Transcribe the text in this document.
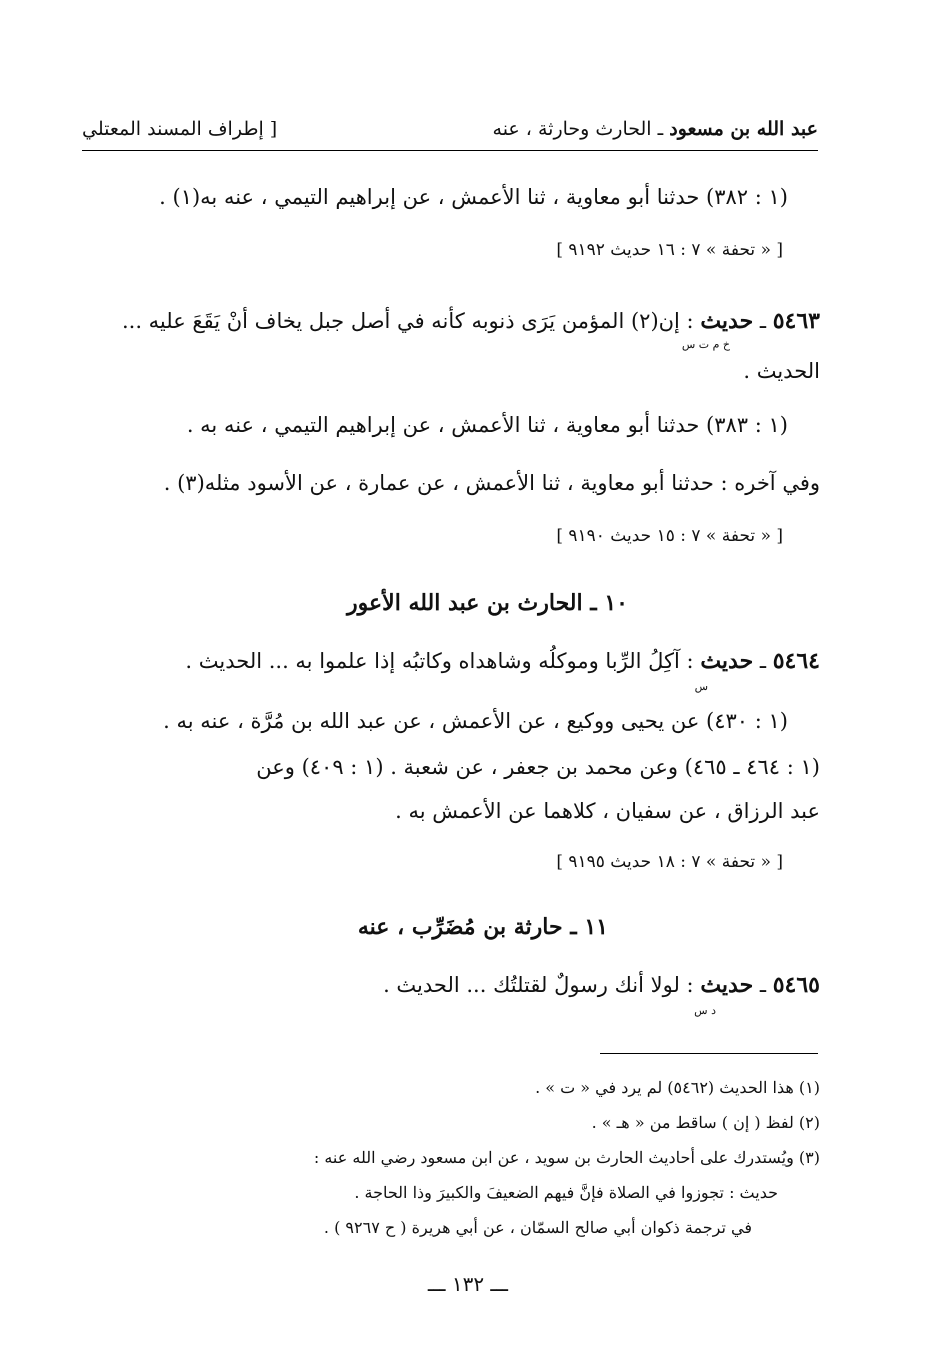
عبد الله بن مسعود ـ الحارث وحارثة ، عنه
[ إطراف المسند المعتلي
(١ : ٣٨٢) حدثنا أبو معاوية ، ثنا الأعمش ، عن إبراهيم التيمي ، عنه به(١) .
[ « تحفة » ٧ : ١٦ حديث ٩١٩٢ ]
٥٤٦٣ ـ حديث : إن(٢) المؤمن يَرَى ذنوبه كأنه في أصل جبل يخاف أنْ يَقَعَ عليه ...
خ م ت س
الحديث .
(١ : ٣٨٣) حدثنا أبو معاوية ، ثنا الأعمش ، عن إبراهيم التيمي ، عنه به .
وفي آخره : حدثنا أبو معاوية ، ثنا الأعمش ، عن عمارة ، عن الأسود مثله(٣) .
[ « تحفة » ٧ : ١٥ حديث ٩١٩٠ ]
١٠ ـ الحارث بن عبد الله الأعور
٥٤٦٤ ـ حديث : آكِلُ الرِّبا وموكلُه وشاهداه وكاتبُه إذا علموا به ... الحديث .
س
(١ : ٤٣٠) عن يحيى ووكيع ، عن الأعمش ، عن عبد الله بن مُرَّة ، عنه به .
(١ : ٤٦٤ ـ ٤٦٥) وعن محمد بن جعفر ، عن شعبة . (١ : ٤٠٩) وعن
عبد الرزاق ، عن سفيان ، كلاهما عن الأعمش به .
[ « تحفة » ٧ : ١٨ حديث ٩١٩٥ ]
١١ ـ حارثة بن مُضَرِّب ، عنه
٥٤٦٥ ـ حديث : لولا أنك رسولٌ لقتلتُك ... الحديث .
د س
(١) هذا الحديث (٥٤٦٢) لم يرد في « ت » .
(٢) لفظ ( إن ) ساقط من « هـ » .
(٣) ويُستدرك على أحاديث الحارث بن سويد ، عن ابن مسعود رضي الله عنه :
حديث : تجوزوا في الصلاة فإنَّ فيهم الضعيفَ والكبيرَ وذا الحاجة .
في ترجمة ذكوان أبي صالح السمّان ، عن أبي هريرة ( ح ٩٢٦٧ ) .
ـــ ١٣٢ ـــ
